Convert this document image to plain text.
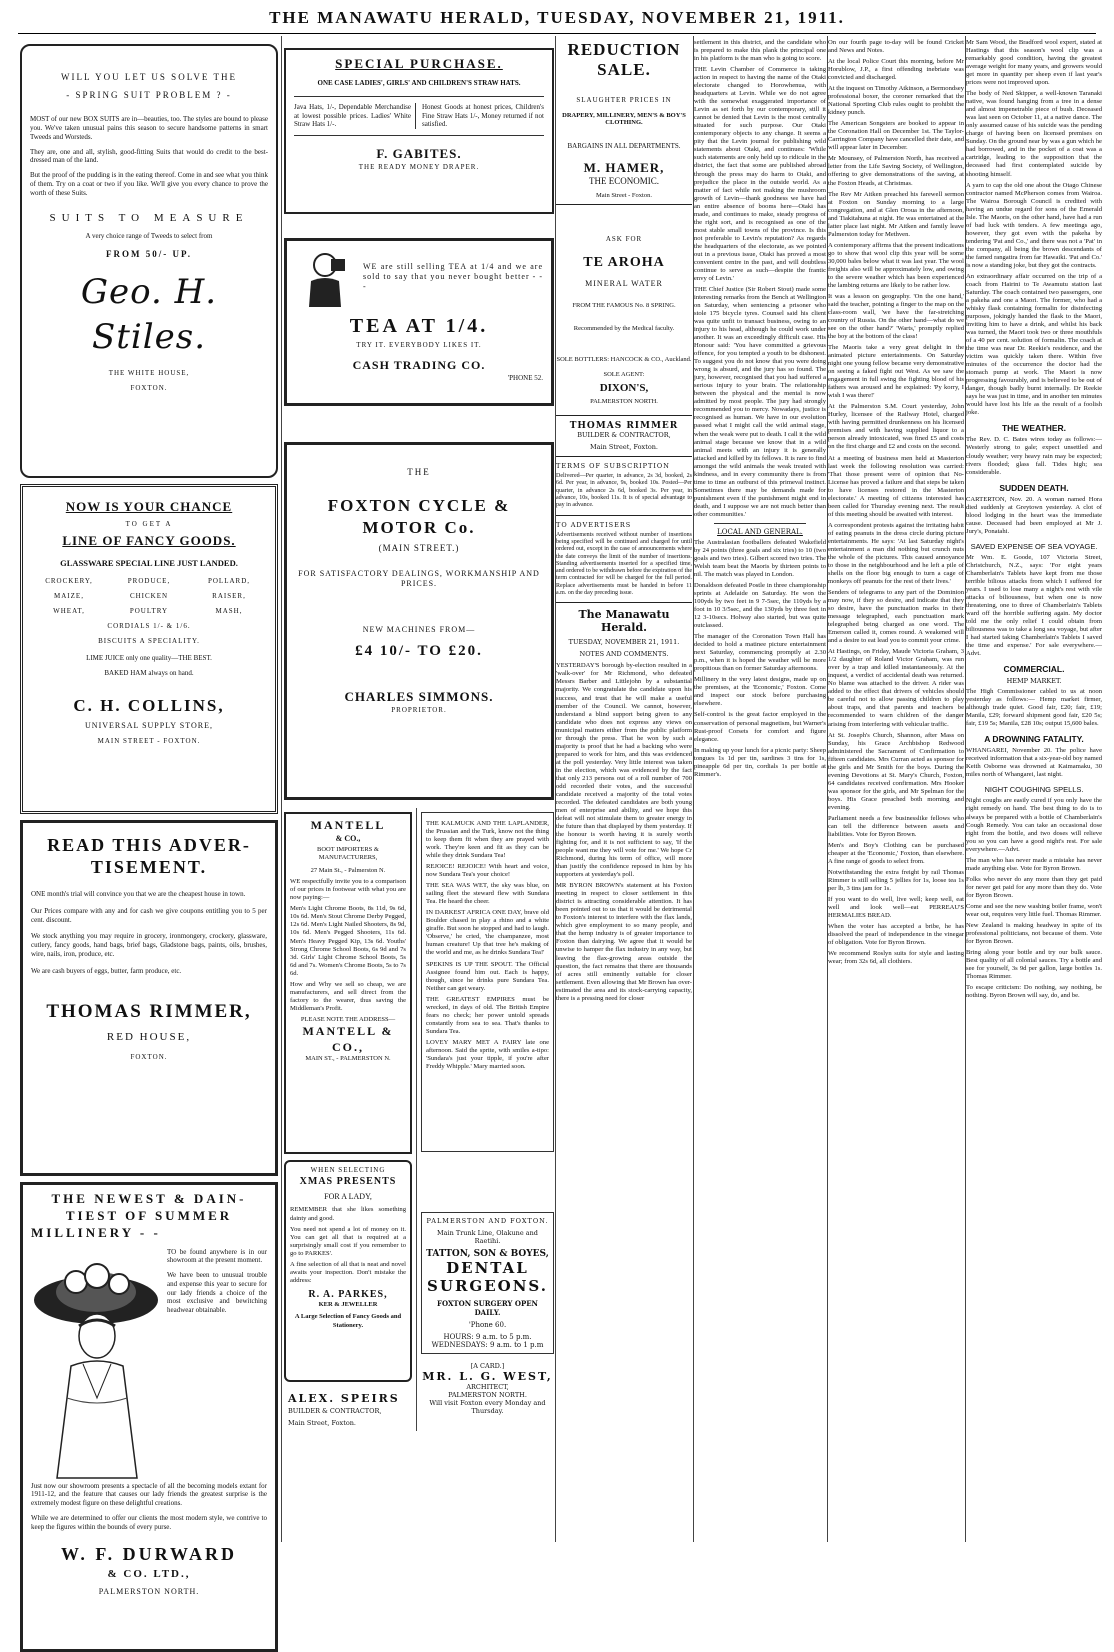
THE MANAWATU HERALD, TUESDAY, NOVEMBER 21, 1911.
WILL YOU LET US SOLVE THE
- SPRING SUIT PROBLEM ? -
MOST of our new BOX SUITS are in—beauties, too. The styles are bound to please you. We've taken unusual pains this season to secure handsome patterns in smart Tweeds and Worsteds.
They are, one and all, stylish, good-fitting Suits that would do credit to the best-dressed man of the land.
But the proof of the pudding is in the eating thereof. Come in and see what you think of them. Try on a coat or two if you like. We'll give you every chance to prove the worth of these Suits.
SUITS TO MEASURE
A very choice range of Tweeds to select from
FROM 50/- UP.
Geo. H. Stiles.
THE WHITE HOUSE,
FOXTON.
NOW IS YOUR CHANCE
TO GET A
LINE OF FANCY GOODS.
GLASSWARE SPECIAL LINE JUST LANDED.
CROCKERY,	PRODUCE,	POLLARD,
MAIZE,	CHICKEN	RAISER,
WHEAT,	POULTRY	MASH,
CORDIALS 1/- & 1/6.
BISCUITS A SPECIALITY.
LIME JUICE only one quality—THE BEST.
BAKED HAM always on hand.
C. H. COLLINS,
UNIVERSAL SUPPLY STORE,
MAIN STREET - FOXTON.
READ THIS ADVER-
TISEMENT.
ONE month's trial will convince you that we are the cheapest house in town.
Our Prices compare with any and for cash we give coupons entitling you to 5 per cent. discount.
We stock anything you may require in grocery, ironmongery, crockery, glassware, cutlery, fancy goods, hand bags, brief bags, Gladstone bags, paints, oils, brushes, wire, nails, iron, produce, etc.
We are cash buyers of eggs, butter, farm produce, etc.
THOMAS RIMMER,
RED HOUSE,
FOXTON.
THE NEWEST & DAIN-
TIEST OF SUMMER
MILLINERY - -
TO be found anywhere is in our showroom at the present moment.
We have been to unusual trouble and expense this year to secure for our lady friends a choice of the most exclusive and bewitching headwear obtainable.
Just now our showroom presents a spectacle of all the becoming models extant for 1911-12, and the feature that causes our lady friends the greatest surprise is the extremely modest figure on these delightful creations.
While we are determined to offer our clients the most modern style, we contrive to keep the figures within the bounds of every purse.
W. F. DURWARD
& CO. LTD.,
PALMERSTON NORTH.
SPECIAL PURCHASE.
ONE CASE LADIES', GIRLS' AND CHILDREN'S STRAW HATS.
Java Hats, 1/-, Dependable Merchandise at lowest possible prices. Ladies' White Straw Hats 1/-.
Honest Goods at honest prices, Children's Fine Straw Hats 1/-, Money returned if not satisfied.
F. GABITES.
THE READY MONEY DRAPER.
WE are still selling TEA at 1/4 and we are sold to say that you never bought better - - -
TEA AT 1/4.
TRY IT. EVERYBODY LIKES IT.
CASH TRADING CO.
'PHONE 52.
THE
FOXTON CYCLE &
MOTOR Co.
(MAIN STREET.)
FOR SATISFACTORY DEALINGS, WORKMANSHIP AND PRICES.
NEW MACHINES FROM—
£4 10/- TO £20.
CHARLES SIMMONS.
PROPRIETOR.
MANTELL
& CO.,
BOOT IMPORTERS & MANUFACTURERS,
27 Main St., - Palmerston N.
WE respectfully invite you to a comparison of our prices in footwear with what you are now paying:—
Men's Light Chrome Boots, 8s 11d, 9s 6d, 10s 6d. Men's Stout Chrome Derby Pegged, 12s 6d. Men's Light Nailed Shooters, 8s 9d, 10s 6d. Men's Pegged Shooters, 11s 6d. Men's Heavy Pegged Kip, 13s 6d. Youths' Strong Chrome School Boots, 6s 9d and 7s 3d. Girls' Light Chrome School Boots, 5s 6d and 7s. Women's Chrome Boots, 5s to 7s 6d.
How and Why we sell so cheap, we are manufacturers, and sell direct from the factory to the wearer, thus saving the Middleman's Profit.
PLEASE NOTE THE ADDRESS—
MANTELL & CO.,
MAIN ST., - PALMERSTON N.
WHEN SELECTING
XMAS PRESENTS
FOR A LADY,
REMEMBER that she likes something dainty and good.
You need not spend a lot of money on it. You can get all that is required at a surprisingly small cost if you remember to go to PARKES'.
A fine selection of all that is neat and novel awaits your inspection. Don't mistake the address:
R. A. PARKES,
KER & JEWELLER
A Large Selection of Fancy Goods and Stationery.
ALEX. SPEIRS
BUILDER & CONTRACTOR,
Main Street, Foxton.
THE KALMUCK AND THE LAPLANDER, the Prussian and the Turk, know not the thing to keep them fit when they are prayed with work. They're keen and fit as they can be while they drink Sundara Tea!
REJOICE! REJOICE! With heart and voice, now Sundara Tea's your choice!
THE SEA WAS WET, the sky was blue, on sailing fleet the steward flew with Sundara Tea. He heard the cheer.
IN DARKEST AFRICA ONE DAY, brave old Boulder chased in play a rhino and a white giraffe. But soon he stopped and had to laugh. 'Observe,' he cried, 'the champanzee, most human creature! Up that tree he's making of the world and me, as he drinks Sundara Tea!'
SPEKINS IS UP THE SPOUT. The Official Assignee found him out. Each is happy, though, since he drinks pure Sundara Tea. Neither can get weary.
THE GREATEST EMPIRES must be wrecked, in days of old. The British Empire fears no check; her power untold spreads constantly from sea to sea. That's thanks to Sundara Tea.
LOVEY MARY MET A FAIRY late one afternoon. Said the sprite, with smiles a-tipo: 'Sundara's just your tipple, if you're after Freddy Whipple.' Mary married soon.
PALMERSTON AND FOXTON.
Main Trunk Line, Olakune and Raetihi.
TATTON, SON & BOYES,
DENTAL SURGEONS.
FOXTON SURGERY OPEN DAILY.
'Phone 60.
HOURS: 9 a.m. to 5 p.m.
WEDNESDAYS: 9 a.m. to 1 p.m
[A CARD.]
MR. L. G. WEST,
ARCHITECT,
PALMERSTON NORTH.
Will visit Foxton every Monday and Thursday.
REDUCTION
SALE.
SLAUGHTER PRICES IN
DRAPERY, MILLINERY, MEN'S & BOY'S CLOTHING.
BARGAINS IN ALL DEPARTMENTS.
M. HAMER,
THE ECONOMIC.
Main Street - Foxton.
ASK FOR
TE AROHA
MINERAL WATER
FROM THE FAMOUS No. 8 SPRING.
Recommended by the Medical faculty.
SOLE BOTTLERS: HANCOCK & CO., Auckland.
SOLE AGENT:
DIXON'S,
PALMERSTON NORTH.
THOMAS RIMMER
BUILDER & CONTRACTOR,
Main Street, Foxton.
TERMS OF SUBSCRIPTION
Delivered—Per quarter, in advance, 2s 3d, booked, 2s 6d. Per year, in advance, 9s, booked 10s. Posted—Per quarter, in advance 2s 6d, booked 3s. Per year, in advance, 10s, booked 11s. It is of special advantage to pay in advance.
TO ADVERTISERS
Advertisements received without number of insertions being specified will be continued and charged for until ordered out, except in the case of announcements where the date conveys the limit of the number of insertions. Standing advertisements inserted for a specified time, and ordered to be withdrawn before the expiration of the term contracted for will be charged for the full period. Replace advertisements must be handed in before 11 a.m. on the day preceding issue.
The Manawatu Herald.
TUESDAY, NOVEMBER 21, 1911.
NOTES AND COMMENTS.
YESTERDAY'S borough by-election resulted in a 'walk-over' for Mr Richmond, who defeated Messrs Barber and Littlejohn by a substantial majority. We congratulate the candidate upon his success, and trust that he will make a useful member of the Council. We cannot, however, understand a blind support being given to any candidate who does not express any views on municipal matters either from the public platform or through the press. That he won by such a majority is proof that he had a backing who were prepared to work for him, and this was evidenced at the poll yesterday. Very little interest was taken in the election, which was evidenced by the fact that only 213 persons out of a roll number of 700 odd recorded their votes, and the successful candidate received a majority of the total votes recorded. The defeated candidates are both young men of enterprise and ability, and we hope this defeat will not stimulate them to greater energy in the future than that displayed by them yesterday. If the honour is worth having it is surely worth fighting for, and it is not sufficient to say, 'If the people want me they will vote for me.' We hope Cr Richmond, during his term of office, will more than justify the confidence reposed in him by his supporters at yesterday's poll.
MR BYRON BROWN's statement at his Foxton meeting in respect to closer settlement in this district is attracting considerable attention. It has been pointed out to us that it would be detrimental to Foxton's interest to interfere with the flax lands, which give employment to so many people, and that the hemp industry is of greater importance to Foxton than dairying. We agree that it would be unwise to hamper the flax industry in any way, but leaving the flax-growing areas outside the question, the fact remains that there are thousands of acres still eminently suitable for closer settlement. Even allowing that Mr Brown has over-estimated the area and its stock-carrying capacity, there is a pressing need for closer
settlement in this district, and the candidate who is prepared to make this plank the principal one in his platform is the man who is going to score.
THE Levin Chamber of Commerce is taking action in respect to having the name of the Otaki electorate changed to Horowhenua, with headquarters at Levin. While we do not agree with the somewhat exaggerated importance of Levin as set forth by our contemporary, still it cannot be denied that Levin is the most centrally situated for such purpose. Our Otaki contemporary objects to any change. It seems a pity that the Levin journal for publishing wild statements about Otaki, and continues: 'While such statements are only held up to ridicule in the district, the fact that some are published abroad through the press may do harm to Otaki, and prejudice the place in the outside world. As a matter of fact while not making the mushroom growth of Levin—thank goodness we have had an entire absence of booms here—Otaki has made, and continues to make, steady progress of the right sort, and is recognised as one of the most stable small towns of the province. Is this not preferable to Levin's reputation? As regards the headquarters of the electorate, as we pointed out in a previous issue, Otaki has proved a most convenient centre in the past, and will doubtless continue to serve as such—despite the frantic envy of Levin.'
THE Chief Justice (Sir Robert Stout) made some interesting remarks from the Bench at Wellington on Saturday, when sentencing a prisoner who stole 175 bicycle tyres. Counsel said his client was quite unfit to transact business, owing to an injury to his head, although he could work under another. It was an exceedingly difficult case. His Honour said: 'You have committed a grievous offence, for you tempted a youth to be dishonest. To suggest you do not know that you were doing wrong is absurd, and the jury has so found. The jury, however, recognised that you had suffered a serious injury to your brain. The relationship between the physical and the mental is now admitted by most people. The jury had strongly recommended you to mercy. Nowadays, justice is recognised as human. We have in our evolution passed what I might call the wild animal stage, when the weak were put to death. I call it the wild animal stage because we know that in a wild animal meets with an injury it is generally attacked and killed by its fellows. It is rare to find amongst the wild animals the weak treated with kindness, and in every community there is from time to time an outburst of this primeval instinct. Sometimes there may be demands made for punishment even if the punishment might end in death, and I suppose we are not much better than other communities.'
LOCAL AND GENERAL.
The Australasian footballers defeated Wakefield by 24 points (three goals and six tries) to 10 (two goals and two tries). Gilbert scored two tries. The Welsh team beat the Maoris by thirteen points to nil. The match was played in London.
Donaldson defeated Postle in three championship sprints at Adelaide on Saturday. He won the 100yds by two feet in 9 7-5sec, the 110yds by a foot in 10 3/5sec, and the 130yds by three feet in 12 3-10secs. Holway also started, but was quite outclassed.
The manager of the Coronation Town Hall has decided to hold a matinee picture entertainment next Saturday, commencing promptly at 2.30 p.m., when it is hoped the weather will be more propitious than on former Saturday afternoons.
Millinery in the very latest designs, made up on the premises, at the 'Economic,' Foxton. Come and inspect our stock before purchasing elsewhere.
Self-control is the great factor employed in the conservation of personal magnetism, but Warner's Rust-proof Corsets for comfort and figure elegance.
In making up your lunch for a picnic party: Sheep tongues 1s 1d per tin, sardines 3 tins for 1s, pineapple 6d per tin, cordials 1s per bottle at Rimmer's.
On our fourth page to-day will be found Cricket and News and Notes.
At the local Police Court this morning, before Mr Horublow, J.P., a first offending inebriate was convicted and discharged.
At the inquest on Timothy Atkinson, a Bermondsey professional boxer, the coroner remarked that the National Sporting Club rules ought to prohibit the kidney punch.
The American Songsters are booked to appear in the Coronation Hall on December 1st. The Taylor-Carrington Company have cancelled their date, and will appear later in December.
Mr Mounsey, of Palmerston North, has received a letter from the Life Saving Society, of Wellington, offering to give demonstrations of the saving, at the Foxton Heads, at Christmas.
The Rev Mr Aitken preached his farewell sermon at Foxton on Sunday morning to a large congregation, and at Glen Oroua in the afternoon, and Tiakitahuna at night. He was entertained at the latter place last night. Mr Aitken and family leave Palmerston today for Methven.
A contemporary affirms that the present indications go to show that wool clip this year will be some 30,000 bales below what it was last year. The wool freights also will be approximately low, and owing to the severe weather which has been experienced the lambing returns are likely to be rather low.
It was a lesson on geography. 'On the one hand,' said the teacher, pointing a finger to the map on the class-room wall, 'we have the far-stretching country of Russia. On the other hand—what do we see on the other hand?' 'Warts,' promptly replied the boy at the bottom of the class!
The Maoris take a very great delight in the animated picture entertainments. On Saturday night one young fellow became very demonstrative on seeing a faked fight out West. As we saw the engagement in full swing the fighting blood of his fathers was aroused and he explained: 'Py korry, I wish I was there!'
At the Palmerston S.M. Court yesterday, John Hurley, licensee of the Railway Hotel, charged with having permitted drunkenness on his licensed premises and with having supplied liquor to a person already intoxicated, was fined £5 and costs on the first charge and £2 and costs on the second.
At a meeting of business men held at Masterton last week the following resolution was carried: 'That those present were of opinion that No-License has proved a failure and that steps be taken to have licenses restored in the Masterton electorate.' A meeting of citizens interested has been called for Thursday evening next. The result of this meeting should be awaited with interest.
A correspondent protests against the irritating habit of eating peanuts in the dress circle during picture entertainments. He says: 'At last Saturday night's entertainment a man did nothing but crunch nuts the whole of the pictures. This caused annoyance to those in the neighbourhood and he left a pile of shells on the floor big enough to turn a cage of monkeys off peanuts for the rest of their lives.'
Senders of telegrams to any part of the Dominion may now, if they so desire, and indicate that they so desire, have the punctuation marks in their message telegraphed, each punctuation mark telegraphed being charged as one word. The Emerson called it, comes round. A weakened will and a desire to eat lead you to commit your crime.
At Hastings, on Friday, Maude Victoria Graham, 3 1/2 daughter of Roland Victor Graham, was run over by a trap and killed instantaneously. At the inquest, a verdict of accidental death was returned. No blame was attached to the driver. A rider was added to the effect that drivers of vehicles should be careful not to allow passing children to play about traps, and that parents and teachers be recommended to warn children of the danger arising from interfering with vehicular traffic.
At St. Joseph's Church, Shannon, after Mass on Sunday, his Grace Archbishop Redwood administered the Sacrament of Confirmation to fifteen candidates. Mrs Curran acted as sponsor for the girls and Mr Smith for the boys. During the evening Devotions at St. Mary's Church, Foxton, 64 candidates received confirmation. Mrs Hooker was sponsor for the girls, and Mr Spelman for the boys. His Grace preached both morning and evening.
Parliament needs a few businesslike fellows who can tell the difference between assets and liabilities. Vote for Byron Brown.
Men's and Boy's Clothing can be purchased cheaper at the 'Economic,' Foxton, than elsewhere. A fine range of goods to select from.
Notwithstanding the extra freight by rail Thomas Rimmer is still selling 5 jellies for 1s, loose tea 1s per lb, 3 tins jam for 1s.
If you want to do well, live well; keep well, eat well and look well—eat PERREAU'S HERMALIES BREAD.
When the voter has accepted a bribe, he has dissolved the pearl of independence in the vinegar of obligation. Vote for Byron Brown.
We recommend Roslyn suits for style and lasting wear; from 32s 6d, all clothiers.
Mr Sam Wood, the Bradford wool expert, stated at Hastings that this season's wool clip was a remarkably good condition, having the greatest average weight for many years, and growers would get more in quantity per sheep even if last year's prices were not improved upon.
The body of Ned Skipper, a well-known Taranaki native, was found hanging from a tree in a dense and almost impenetrable piece of bush. Deceased was last seen on October 11, at a native dance. The only assumed cause of his suicide was the pending charge of having been on licensed premises on Sunday. On the ground near by was a gun which he had borrowed, and in the pocket of a coat was a cartridge, leading to the supposition that the deceased had first contemplated suicide by shooting himself.
A yarn to cap the old one about the Otago Chinese contractor named McPherson comes from Wairoa. The Wairoa Borough Council is credited with having an undue regard for sons of the Emerald Isle. The Maoris, on the other hand, have had a run of bad luck with tenders. A few meetings ago, however, they got even with the pakeha by tendering 'Pat and Co.,' and there was not a 'Pat' in the company, all being the brown descendants of the famed rangatira from far Hawaiki. 'Pat and Co.' is now a standing joke, but they got the contracts.
An extraordinary affair occurred on the trip of a coach from Hairini to Te Awamutu station last Saturday. The coach contained two passengers, one a pakeha and one a Maori. The former, who had a whisky flask containing formalin for disinfecting purposes, jokingly handed the flask to the Maori, inviting him to have a drink, and whilst his back was turned, the Maori took two or three mouthfuls of a 40 per cent. solution of formalin. The coach at the time was near Dr. Reekie's residence, and the victim was quickly taken there. Within five minutes of the occurrence the doctor had the stomach pump at work. The Maori is now progressing favourably, and is believed to be out of danger, though badly burnt internally. Dr Reekie says he was just in time, and in another ten minutes would have lost his life as the result of a foolish joke.
THE WEATHER.
The Rev. D. C. Bates wires today as follows:— Westerly strong to gale; expect unsettled and cloudy weather; very heavy rain may be expected; rivers flooded; glass fall. Tides high; sea considerable.
SUDDEN DEATH.
CARTERTON, Nov. 20. A woman named Hora died suddenly at Greytown yesterday. A clot of blood lodging in the heart was the immediate cause. Deceased had been employed at Mr J. Jury's, Ponatahi.
SAVED EXPENSE OF SEA VOYAGE.
Mr Wm. E. Goode, 107 Victoria Street, Christchurch, N.Z., says: 'For eight years Chamberlain's Tablets have kept from me those terrible bilious attacks from which I suffered for years. I used to lose many a night's rest with vile attacks of biliousness, but when one is now threatening, one to three of Chamberlain's Tablets ward off the horrible suffering again. My doctor told me the only relief I could obtain from biliousness was to take a long sea voyage, but after I had started taking Chamberlain's Tablets I saved the time and expense.' For sale everywhere.—Advt.
COMMERCIAL.
HEMP MARKET.
The High Commissioner cabled to us at noon yesterday as follows:— Hemp market firmer, although trade quiet. Good fair, £20; fair, £19; Manila, £29; forward shipment good fair, £20 5s; fair, £19 5s; Manila, £28 10s; output 15,600 bales.
A DROWNING FATALITY.
WHANGAREI, November 20. The police have received information that a six-year-old boy named Keith Osborne was drowned at Kaimamaku, 30 miles north of Whangarei, last night.
NIGHT COUGHING SPELLS.
Night coughs are easily cured if you only have the right remedy on hand. The best thing to do is to always be prepared with a bottle of Chamberlain's Cough Remedy. You can take an occasional dose right from the bottle, and two doses will relieve you so you can have a good night's rest. For sale everywhere.—Advt.
The man who has never made a mistake has never made anything else. Vote for Byron Brown.
Folks who never do any more than they get paid for never get paid for any more than they do. Vote for Byron Brown.
Come and see the new washing boiler frame, won't wear out, requires very little fuel. Thomas Rimmer.
New Zealand is making headway in spite of its professional politicians, not because of them. Vote for Byron Brown.
Bring along your bottle and try our bulk sauce. Best quality of all colonial sauces. Try a bottle and see for yourself, 3s 9d per gallon, large bottles 1s. Thomas Rimmer.
To escape criticism: Do nothing, say nothing, be nothing. Byron Brown will say, do, and be.
